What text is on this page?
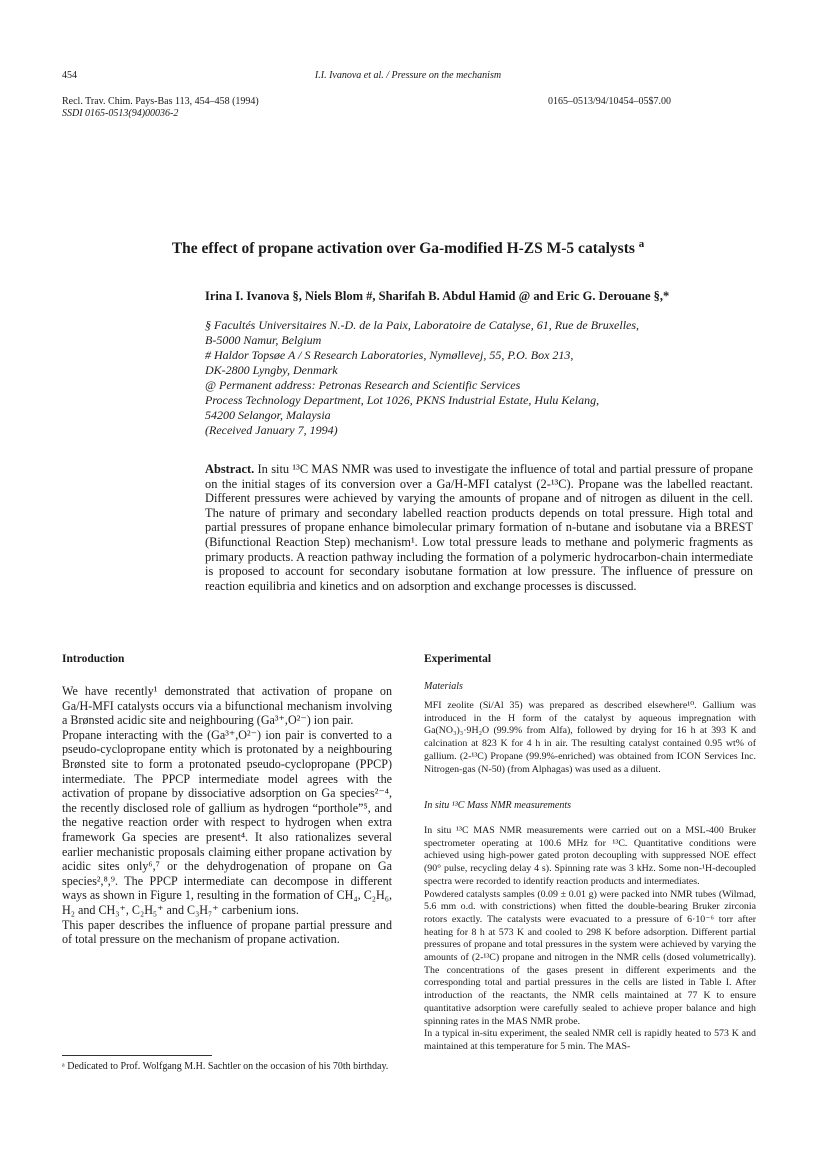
454	I.I. Ivanova et al. / Pressure on the mechanism
Recl. Trav. Chim. Pays-Bas 113, 454–458 (1994)
SSDI 0165-0513(94)00036-2
0165–0513/94/10454–05$7.00
The effect of propane activation over Ga-modified H-ZS M-5 catalysts $^a$
Irina I. Ivanova §, Niels Blom #, Sharifah B. Abdul Hamid @ and Eric G. Derouane §,*
§ Facultés Universitaires N.-D. de la Paix, Laboratoire de Catalyse, 61, Rue de Bruxelles,
B-5000 Namur, Belgium
# Haldor Topsøe A / S Research Laboratories, Nymøllevej, 55, P.O. Box 213,
DK-2800 Lyngby, Denmark
@ Permanent address: Petronas Research and Scientific Services
Process Technology Department, Lot 1026, PKNS Industrial Estate, Hulu Kelang,
54200 Selangor, Malaysia
(Received January 7, 1994)
Abstract. In situ ¹³C MAS NMR was used to investigate the influence of total and partial pressure of propane on the initial stages of its conversion over a Ga/H-MFI catalyst (2-¹³C). Propane was the labelled reactant. Different pressures were achieved by varying the amounts of propane and of nitrogen as diluent in the cell. The nature of primary and secondary labelled reaction products depends on total pressure. High total and partial pressures of propane enhance bimolecular primary formation of n-butane and isobutane via a BREST (Bifunctional Reaction Step) mechanism¹. Low total pressure leads to methane and polymeric fragments as primary products. A reaction pathway including the formation of a polymeric hydrocarbon-chain intermediate is proposed to account for secondary isobutane formation at low pressure. The influence of pressure on reaction equilibria and kinetics and on adsorption and exchange processes is discussed.
Introduction

We have recently¹ demonstrated that activation of propane on Ga/H-MFI catalysts occurs via a bifunctional mechanism involving a Brønsted acidic site and neighbouring (Ga³⁺,O²⁻) ion pair.

Propane interacting with the (Ga³⁺,O²⁻) ion pair is converted to a pseudo-cyclopropane entity which is protonated by a neighbouring Brønsted site to form a protonated pseudo-cyclopropane (PPCP) intermediate. The PPCP intermediate model agrees with the activation of propane by dissociative adsorption on Ga species²⁻⁴, the recently disclosed role of gallium as hydrogen “porthole”⁵, and the negative reaction order with respect to hydrogen when extra framework Ga species are present⁴. It also rationalizes several earlier mechanistic proposals claiming either propane activation by acidic sites only⁶,⁷ or the dehydrogenation of propane on Ga species²,⁸,⁹. The PPCP intermediate can decompose in different ways as shown in Figure 1, resulting in the formation of CH₄, C₂H₆, H₂ and CH₃⁺, C₂H₅⁺ and C₃H₇⁺ carbenium ions.

This paper describes the influence of propane partial pressure and of total pressure on the mechanism of propane activation.

ᵃ Dedicated to Prof. Wolfgang M.H. Sachtler on the occasion of his 70th birthday.
Experimental
Materials
MFI zeolite (Si/Al 35) was prepared as described elsewhere¹⁰. Gallium was introduced in the H form of the catalyst by aqueous impregnation with Ga(NO₃)₃·9H₂O (99.9% from Alfa), followed by drying for 16 h at 393 K and calcination at 823 K for 4 h in air. The resulting catalyst contained 0.95 wt% of gallium. (2-¹³C) Propane (99.9%-enriched) was obtained from ICON Services Inc. Nitrogen-gas (N-50) (from Alphagas) was used as a diluent.
In situ ¹³C Mass NMR measurements

In situ ¹³C MAS NMR measurements were carried out on a MSL-400 Bruker spectrometer operating at 100.6 MHz for ¹³C. Quantitative conditions were achieved using high-power gated proton decoupling with suppressed NOE effect (90° pulse, recycling delay 4 s). Spinning rate was 3 kHz. Some non-¹H-decoupled spectra were recorded to identify reaction products and intermediates.

Powdered catalysts samples (0.09 ± 0.01 g) were packed into NMR tubes (Wilmad, 5.6 mm o.d. with constrictions) when fitted the double-bearing Bruker zirconia rotors exactly. The catalysts were evacuated to a pressure of 6·10⁻⁶ torr after heating for 8 h at 573 K and cooled to 298 K before adsorption. Different partial pressures of propane and total pressures in the system were achieved by varying the amounts of (2-¹³C) propane and nitrogen in the NMR cells (dosed volumetrically). The concentrations of the gases present in different experiments and the corresponding total and partial pressures in the cells are listed in Table I. After introduction of the reactants, the NMR cells maintained at 77 K to ensure quantitative adsorption were carefully sealed to achieve proper balance and high spinning rates in the MAS NMR probe.

In a typical in-situ experiment, the sealed NMR cell is rapidly heated to 573 K and maintained at this temperature for 5 min. The MAS-
